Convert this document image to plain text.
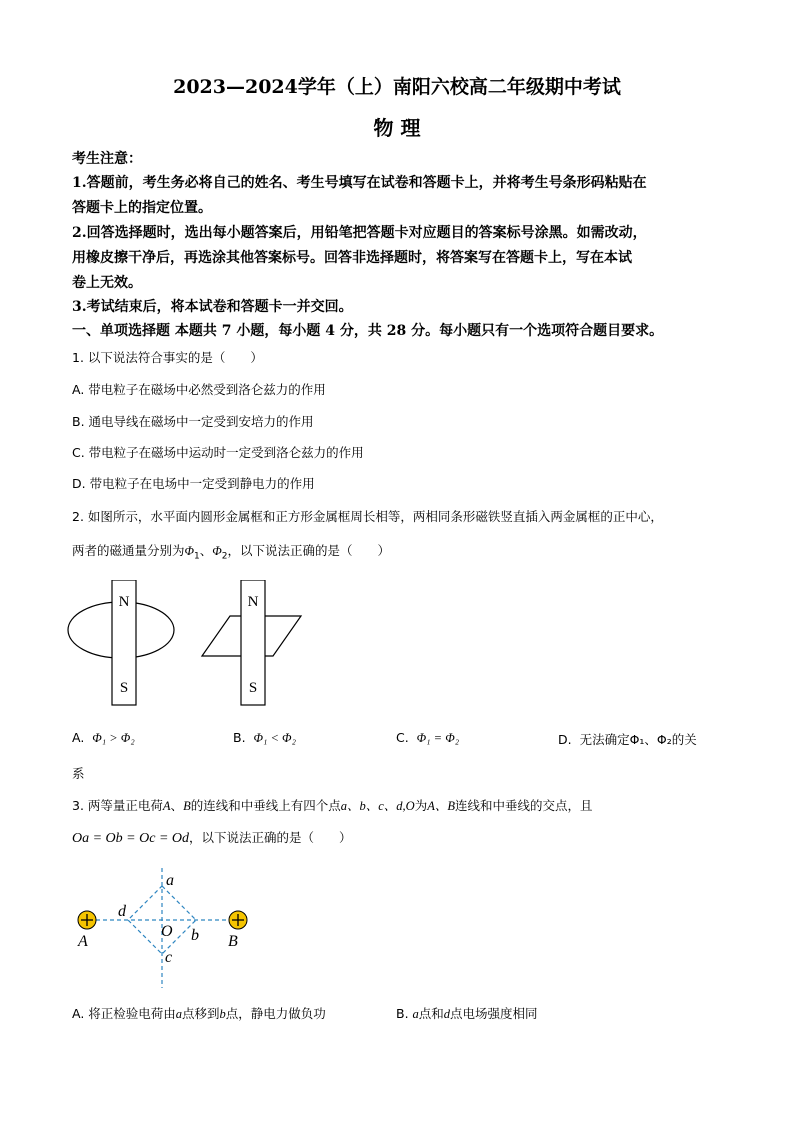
2023—2024学年（上）南阳六校高二年级期中考试
物 理
考生注意：
1.答题前，考生务必将自己的姓名、考生号填写在试卷和答题卡上，并将考生号条形码粘贴在
答题卡上的指定位置。
2.回答选择题时，选出每小题答案后，用铅笔把答题卡对应题目的答案标号涂黑。如需改动，
用橡皮擦干净后，再选涂其他答案标号。回答非选择题时，将答案写在答题卡上，写在本试
卷上无效。
3.考试结束后，将本试卷和答题卡一并交回。
一、单项选择题 本题共 7 小题，每小题 4 分，共 28 分。每小题只有一个选项符合题目要求。
1. 以下说法符合事实的是（　　）
A. 带电粒子在磁场中必然受到洛仑兹力的作用
B. 通电导线在磁场中一定受到安培力的作用
C. 带电粒子在磁场中运动时一定受到洛仑兹力的作用
D. 带电粒子在电场中一定受到静电力的作用
2. 如图所示，水平面内圆形金属框和正方形金属框周长相等，两相同条形磁铁竖直插入两金属框的正中心，
两者的磁通量分别为$\Phi_1$、$\Phi_2$，以下说法正确的是（　　）
N
S
N
S
A. Φ₁ > Φ₂	B. Φ₁ < Φ₂	C. Φ₁ = Φ₂	D. 无法确定Φ₁、Φ₂的关
系
3. 两等量正电荷A、B的连线和中垂线上有四个点a、b、c、d,O为A、B连线和中垂线的交点，且
Oa = Ob = Oc = Od，以下说法正确的是（　　）
a
d
O b
c
A	B
A. 将正检验电荷由a点移到b点，静电力做负功	B. a点和d点电场强度相同
